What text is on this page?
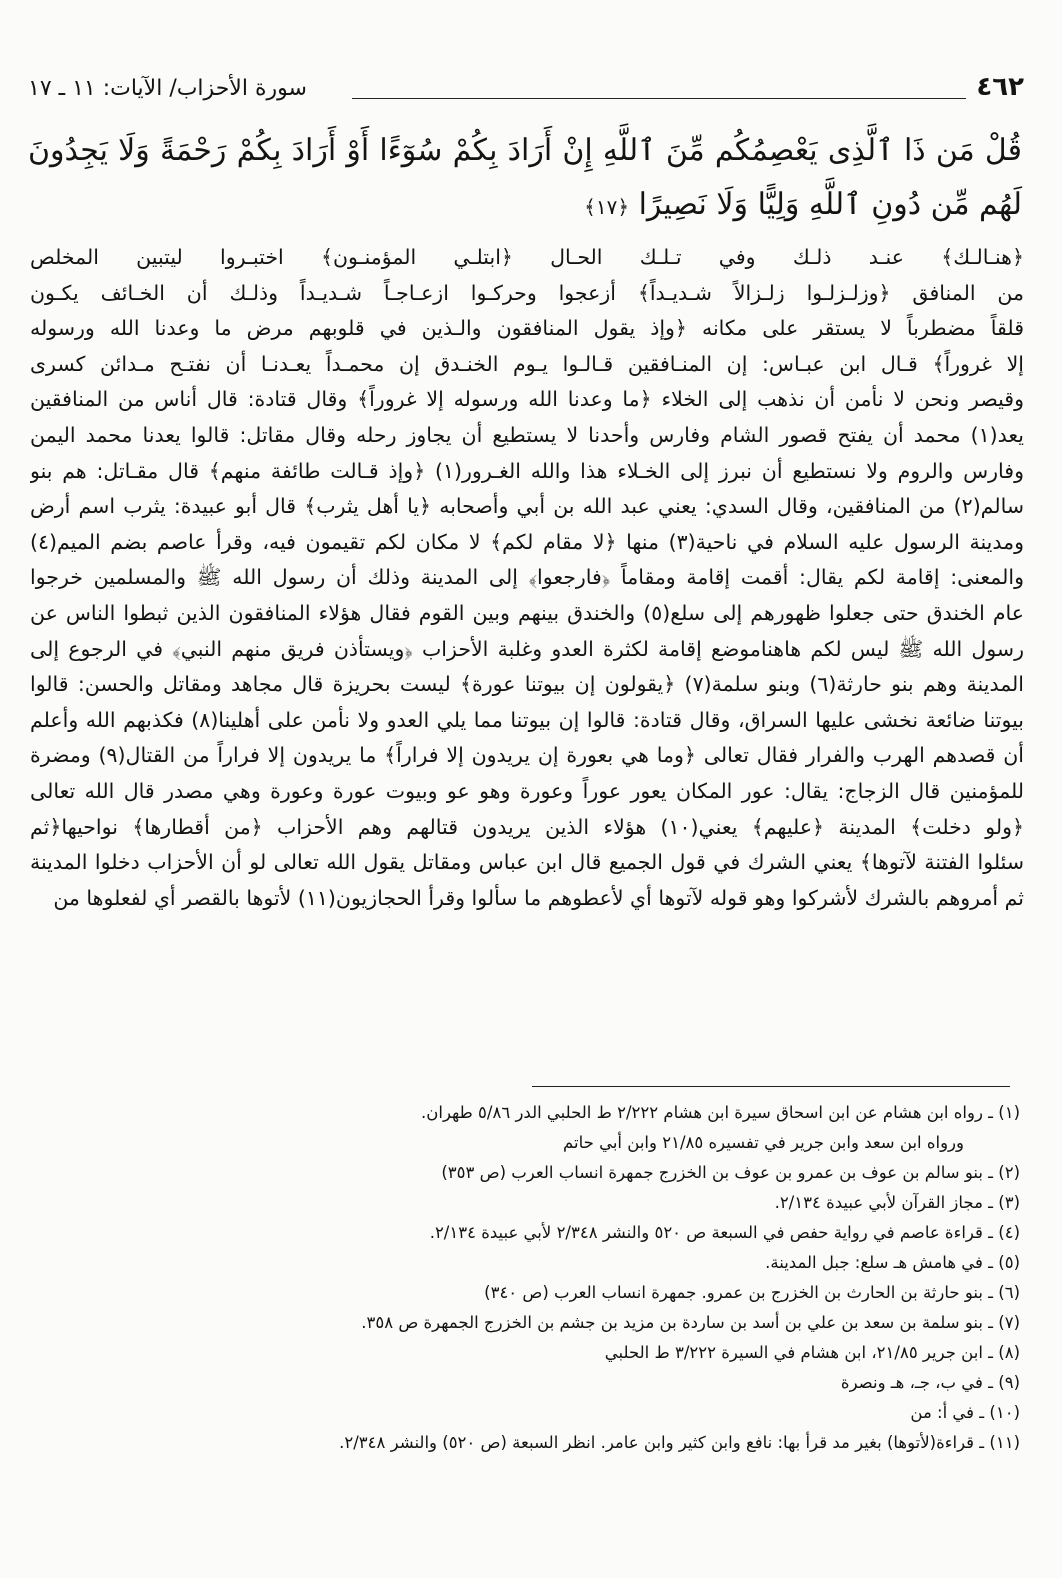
٤٦٢
سورة الأحزاب/ الآيات: ١١ ـ ١٧

قُلْ مَن ذَا ٱلَّذِى يَعْصِمُكُم مِّنَ ٱللَّهِ إِنْ أَرَادَ بِكُمْ سُوٓءًا أَوْ أَرَادَ بِكُمْ رَحْمَةً وَلَا يَجِدُونَ لَهُم مِّن دُونِ ٱللَّهِ وَلِيًّا وَلَا نَصِيرًا ﴿١٧﴾

﴿هنـالـك﴾ عنـد ذلـك وفي تـلـك الحـال ﴿ابتلـي المؤمنـون﴾ اختبـروا ليتبين المخلص
من المنافق ﴿وزلـزلـوا زلـزالاً شـديـداً﴾ أزعجوا وحركـوا ازعـاجـاً شـديـداً وذلـك أن الخـائف يكـون
قلقاً مضطرباً لا يستقر على مكانه ﴿وإذ يقول المنافقون والـذين في قلوبهم مرض ما وعدنا الله ورسوله
إلا غروراً﴾ قـال ابن عبـاس: إن المنـافقين قـالـوا يـوم الخنـدق إن محمـداً يعـدنـا أن نفتـح مـدائن كسرى
وقيصر ونحن لا نأمن أن نذهب إلى الخلاء ﴿ما وعدنا الله ورسوله إلا غروراً﴾ وقال قتادة: قال أناس من المنافقين
يعد(١) محمد أن يفتح قصور الشام وفارس وأحدنا لا يستطيع أن يجاوز رحله وقال مقاتل: قالوا يعدنا محمد اليمن
وفارس والروم ولا نستطيع أن نبرز إلى الخـلاء هذا والله الغـرور(١) ﴿وإذ قـالت طائفة منهم﴾ قال مقـاتل: هم بنو
سالم(٢) من المنافقين، وقال السدي: يعني عبد الله بن أبي وأصحابه ﴿يا أهل يثرب﴾ قال أبو عبيدة: يثرب اسم أرض
ومدينة الرسول عليه السلام في ناحية(٣) منها ﴿لا مقام لكم﴾ لا مكان لكم تقيمون فيه، وقرأ عاصم بضم الميم(٤)
والمعنى: إقامة لكم يقال: أقمت إقامة ومقاماً ﴿فارجعوا﴾ إلى المدينة وذلك أن رسول الله ﷺ والمسلمين خرجوا
عام الخندق حتى جعلوا ظهورهم إلى سلع(٥) والخندق بينهم وبين القوم فقال هؤلاء المنافقون الذين ثبطوا الناس عن
رسول الله ﷺ ليس لكم هاهناموضع إقامة لكثرة العدو وغلبة الأحزاب ﴿ويستأذن فريق منهم النبي﴾ في الرجوع إلى
المدينة وهم بنو حارثة(٦) وبنو سلمة(٧) ﴿يقولون إن بيوتنا عورة﴾ ليست بحريزة قال مجاهد ومقاتل والحسن: قالوا
بيوتنا ضائعة نخشى عليها السراق، وقال قتادة: قالوا إن بيوتنا مما يلي العدو ولا نأمن على أهلينا(٨) فكذبهم الله وأعلم
أن قصدهم الهرب والفرار فقال تعالى ﴿وما هي بعورة إن يريدون إلا فراراً﴾ ما يريدون إلا فراراً من القتال(٩) ومضرة
للمؤمنين قال الزجاج: يقال: عور المكان يعور عوراً وعورة وهو عو وبيوت عورة وعورة وهي مصدر قال الله تعالى
﴿ولو دخلت﴾ المدينة ﴿عليهم﴾ يعني(١٠) هؤلاء الذين يريدون قتالهم وهم الأحزاب ﴿من أقطارها﴾ نواحيها﴿ثم
سئلوا الفتنة لآتوها﴾ يعني الشرك في قول الجميع قال ابن عباس ومقاتل يقول الله تعالى لو أن الأحزاب دخلوا المدينة
ثم أمروهم بالشرك لأشركوا وهو قوله لآتوها أي لأعطوهم ما سألوا وقرأ الحجازيون(١١) لأتوها بالقصر أي لفعلوها من
(١) ـ رواه ابن هشام عن ابن اسحاق سيرة ابن هشام ٢/٢٢٢ ط الحلبي الدر ٥/٨٦ طهران.
ورواه ابن سعد وابن جرير في تفسيره ٢١/٨٥ وابن أبي حاتم
(٢) ـ بنو سالم بن عوف بن عمرو بن عوف بن الخزرج جمهرة انساب العرب (ص ٣٥٣)
(٣) ـ مجاز القرآن لأبي عبيدة ٢/١٣٤.
(٤) ـ قراءة عاصم في رواية حفص في السبعة ص ٥٢٠ والنشر ٢/٣٤٨ لأبي عبيدة ٢/١٣٤.
(٥) ـ في هامش هـ سلع: جبل المدينة.
(٦) ـ بنو حارثة بن الحارث بن الخزرج بن عمرو. جمهرة انساب العرب (ص ٣٤٠)
(٧) ـ بنو سلمة بن سعد بن علي بن أسد بن ساردة بن مزيد بن جشم بن الخزرج الجمهرة ص ٣٥٨.
(٨) ـ ابن جرير ٢١/٨٥، ابن هشام في السيرة ٣/٢٢٢ ط الحلبي
(٩) ـ في ب، جـ، هـ ونصرة
(١٠) ـ في أ: من
(١١) ـ قراءة(لأتوها) بغير مد قرأ بها: نافع وابن كثير وابن عامر. انظر السبعة (ص ٥٢٠) والنشر ٢/٣٤٨.
